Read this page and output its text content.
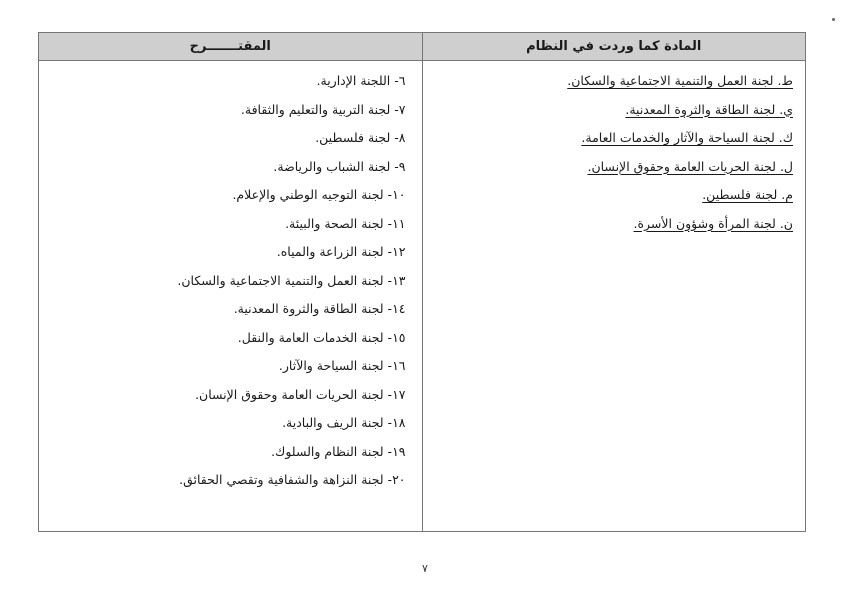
المقتـــــــرح	المادة كما وردت في النظام
٦- اللجنة الإدارية.
٧- لجنة التربية والتعليم والثقافة.
٨- لجنة فلسطين.
٩- لجنة الشباب والرياضة.
١٠- لجنة التوجيه الوطني والإعلام.
١١- لجنة الصحة والبيئة.
١٢- لجنة الزراعة والمياه.
١٣- لجنة العمل والتنمية الاجتماعية والسكان.
١٤- لجنة الطاقة والثروة المعدنية.
١٥- لجنة الخدمات العامة والنقل.
١٦- لجنة السياحة والآثار.
١٧- لجنة الحريات العامة وحقوق الإنسان.
١٨- لجنة الريف والبادية.
١٩- لجنة النظام والسلوك.
٢٠- لجنة النزاهة والشفافية وتقصي الحقائق.
ط. لجنة العمل والتنمية الاجتماعية والسكان.
ي. لجنة الطاقة والثروة المعدنية.
ك. لجنة السياحة والآثار والخدمات العامة.
ل. لجنة الحريات العامة وحقوق الإنسان.
م. لجنة فلسطين.
ن. لجنة المرأة وشؤون الأسرة.
٧
